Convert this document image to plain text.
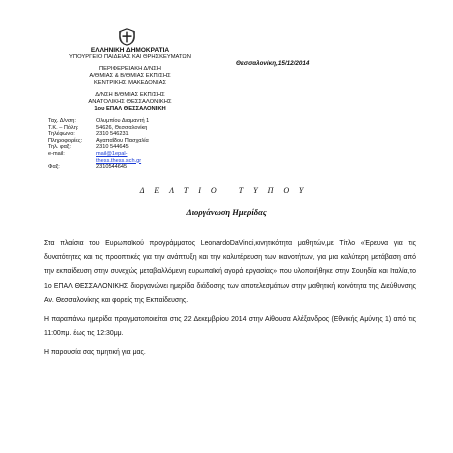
ΕΛΛΗΝΙΚΗ ΔΗΜΟΚΡΑΤΙΑ
ΥΠΟΥΡΓΕΙΟ ΠΑΙΔΕΙΑΣ ΚΑΙ ΘΡΗΣΚΕΥΜΑΤΩΝ
ΠΕΡΙΦΕΡΕΙΑΚΗ Δ/ΝΣΗ
Α/ΘΜΙΑΣ & Β/ΘΜΙΑΣ ΕΚΠ/ΣΗΣ
ΚΕΝΤΡΙΚΗΣ ΜΑΚΕΔΟΝΙΑΣ
Δ/ΝΣΗ Β/ΘΜΙΑΣ ΕΚΠ/ΣΗΣ
ΑΝΑΤΟΛΙΚΗΣ ΘΕΣΣΑΛΟΝΙΚΗΣ
1ου ΕΠΑΛ ΘΕΣΣΑΛΟΝΙΚΗ
Θεσσαλονίκη,15/12/2014
Ταχ. Δ/νση:	Ολυμπίου Διαμαντή 1
Τ.Κ. – Πόλη:	54626, Θεσσαλονίκη
Τηλέφωνο:	2310 546231
Πληροφορίες:	Αγαπαΐδου Πασχαλία
Τηλ. φαξ:	2310 544645
e-mail:	mail@1epal-
thess.thess.sch.gr
Φαξ:	2310544645
ΔΕΛΤΙΟ ΤΥΠΟΥ
Διοργάνωση Ημερίδας

Στα πλαίσια του Ευρωπαϊκού προγράμματος LeonardoDaVinci,κινητικότητα μαθητών,με Τίτλο «Έρευνα για τις δυνατότητες και τις προοπτικές για την ανάπτυξη και την καλυτέρευση των ικανοτήτων, για μια καλύτερη μετάβαση από την εκπαίδευση στην συνεχώς μεταβαλλόμενη ευρωπαϊκή αγορά εργασίας» που υλοποιήθηκε στην Σουηδία και Ιταλία,το 1ο ΕΠΑΛ ΘΕΣΣΑΛΟΝΙΚΗΣ διοργανώνει ημερίδα διάδοσης των αποτελεσμάτων στην μαθητική κοινότητα της Διεύθυνσης Αν. Θεσσαλονίκης και φορείς της Εκπαίδευσης.

Η παραπάνω ημερίδα πραγματοποιείται στις 22 Δεκεμβρίου 2014 στην Αίθουσα Αλέξανδρος (Εθνικής Αμύνης 1) από τις 11:00πμ. έως τις 12:30μμ.

Η παρουσία σας τιμητική για μας.
